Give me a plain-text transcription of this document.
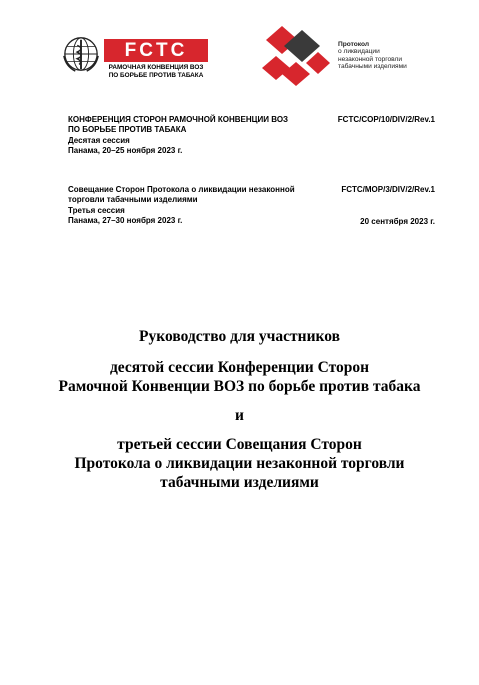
FCTC
РАМОЧНАЯ КОНВЕНЦИЯ ВОЗ
ПО БОРЬБЕ ПРОТИВ ТАБАКА
Протокол
о ликвидации
незаконной торговли
табачными изделиями
КОНФЕРЕНЦИЯ СТОРОН РАМОЧНОЙ КОНВЕНЦИИ ВОЗ
ПО БОРЬБЕ ПРОТИВ ТАБАКА
Десятая сессия
Панама, 20–25 ноября 2023 г.
FCTC/COP/10/DIV/2/Rev.1
Совещание Сторон Протокола о ликвидации незаконной
торговли табачными изделиями
Третья сессия
Панама, 27–30 ноября 2023 г.
FCTC/MOP/3/DIV/2/Rev.1
20 сентября 2023 г.
Руководство для участников
десятой сессии Конференции Сторон
Рамочной Конвенции ВОЗ по борьбе против табака
и
третьей сессии Совещания Сторон
Протокола о ликвидации незаконной торговли
табачными изделиями
